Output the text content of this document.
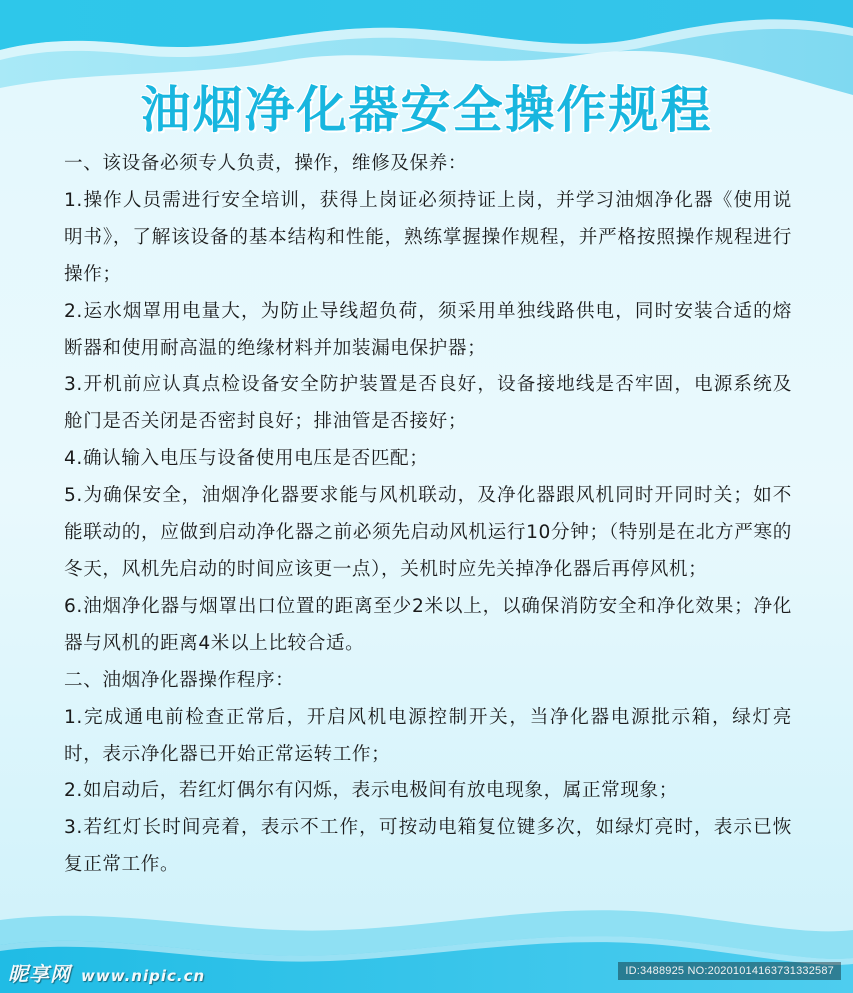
油烟净化器安全操作规程

一、该设备必须专人负责，操作，维修及保养：

1.操作人员需进行安全培训，获得上岗证必须持证上岗，并学习油烟净化器《使用说明书》，了解该设备的基本结构和性能，熟练掌握操作规程，并严格按照操作规程进行操作；

2.运水烟罩用电量大，为防止导线超负荷，须采用单独线路供电，同时安装合适的熔断器和使用耐高温的绝缘材料并加装漏电保护器；

3.开机前应认真点检设备安全防护装置是否良好，设备接地线是否牢固，电源系统及舱门是否关闭是否密封良好；排油管是否接好；

4.确认输入电压与设备使用电压是否匹配；

5.为确保安全，油烟净化器要求能与风机联动，及净化器跟风机同时开同时关；如不能联动的，应做到启动净化器之前必须先启动风机运行10分钟；（特别是在北方严寒的冬天，风机先启动的时间应该更一点），关机时应先关掉净化器后再停风机；

6.油烟净化器与烟罩出口位置的距离至少2米以上，以确保消防安全和净化效果；净化器与风机的距离4米以上比较合适。

二、油烟净化器操作程序：

1.完成通电前检查正常后，开启风机电源控制开关，当净化器电源批示箱，绿灯亮时，表示净化器已开始正常运转工作；

2.如启动后，若红灯偶尔有闪烁，表示电极间有放电现象，属正常现象；

3.若红灯长时间亮着，表示不工作，可按动电箱复位键多次，如绿灯亮时，表示已恢复正常工作。

昵享网 www.nipic.cn	ID:3488925 NO:20201014163731332587
